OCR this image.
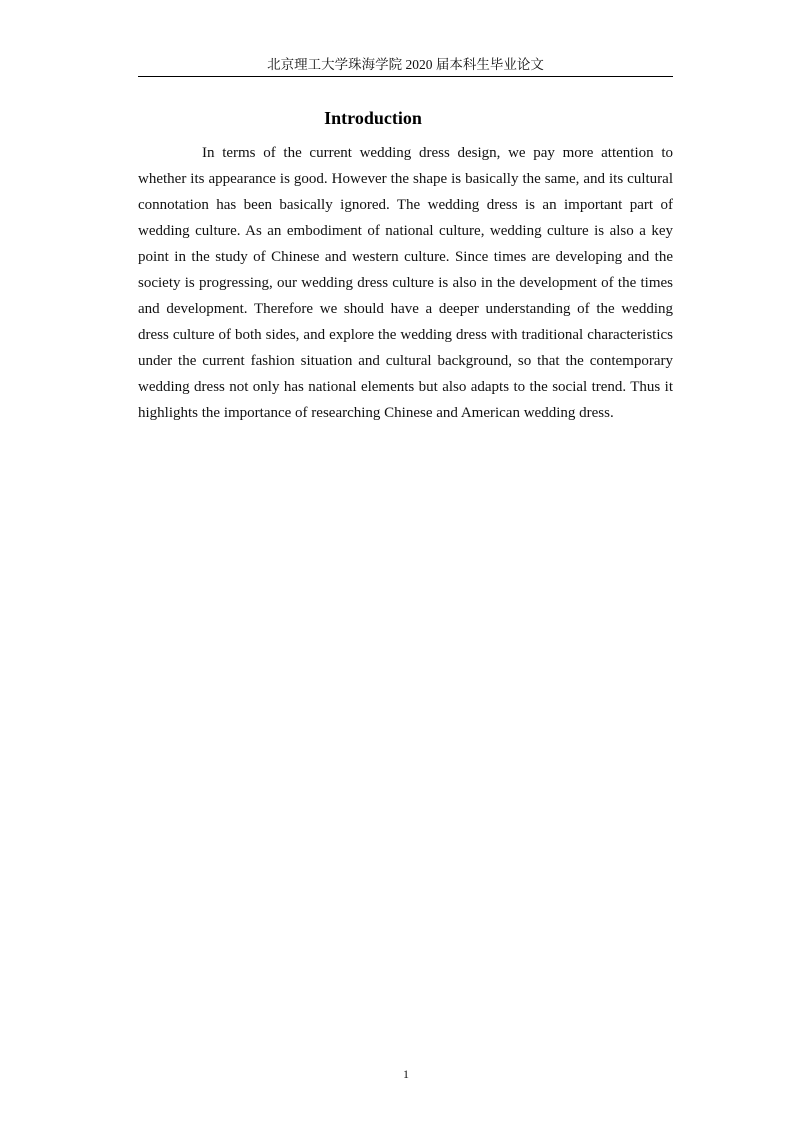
北京理工大学珠海学院 2020 届本科生毕业论文
Introduction

In terms of the current wedding dress design, we pay more attention to whether its appearance is good. However the shape is basically the same, and its cultural connotation has been basically ignored. The wedding dress is an important part of wedding culture. As an embodiment of national culture, wedding culture is also a key point in the study of Chinese and western culture. Since times are developing and the society is progressing, our wedding dress culture is also in the development of the times and development. Therefore we should have a deeper understanding of the wedding dress culture of both sides, and explore the wedding dress with traditional characteristics under the current fashion situation and cultural background, so that the contemporary wedding dress not only has national elements but also adapts to the social trend. Thus it highlights the importance of researching Chinese and American wedding dress.

1
